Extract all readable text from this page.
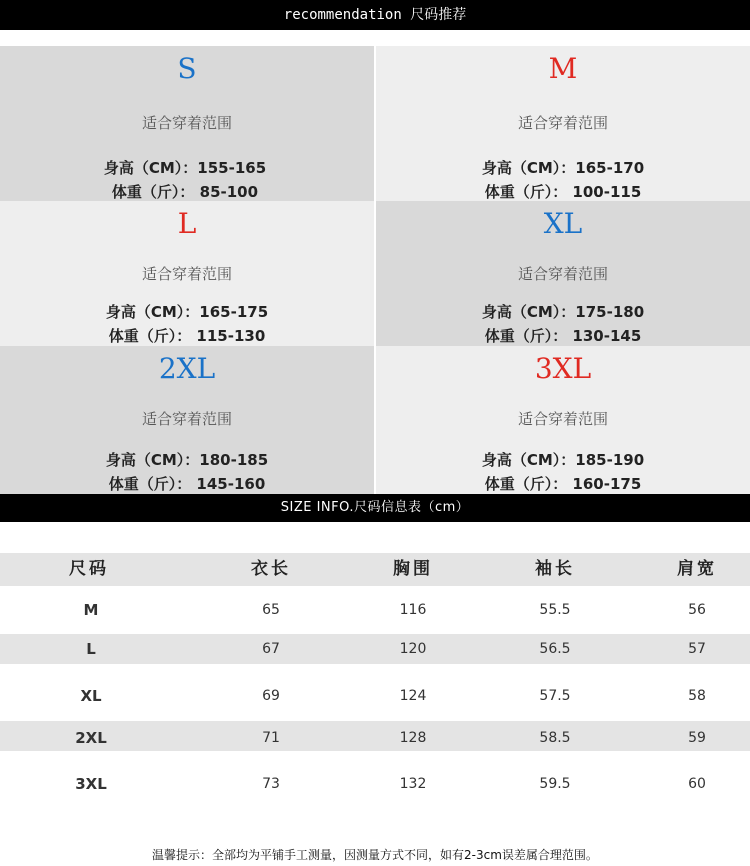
recommendation 尺码推荐
S
适合穿着范围
身高（CM）：155-165
体重（斤）： 85-100
M
适合穿着范围
身高（CM）：165-170
体重（斤）： 100-115
L
适合穿着范围
身高（CM）：165-175
体重（斤）： 115-130
XL
适合穿着范围
身高（CM）：175-180
体重（斤）： 130-145
2XL
适合穿着范围
身高（CM）：180-185
体重（斤）： 145-160
3XL
适合穿着范围
身高（CM）：185-190
体重（斤）： 160-175
SIZE INFO.尺码信息表（cm）
尺码	衣长	胸围	袖长	肩宽
M	65	116	55.5	56
L	67	120	56.5	57
XL	69	124	57.5	58
2XL	71	128	58.5	59
3XL	73	132	59.5	60
温馨提示：全部均为平铺手工测量，因测量方式不同，如有2-3cm误差属合理范围。
